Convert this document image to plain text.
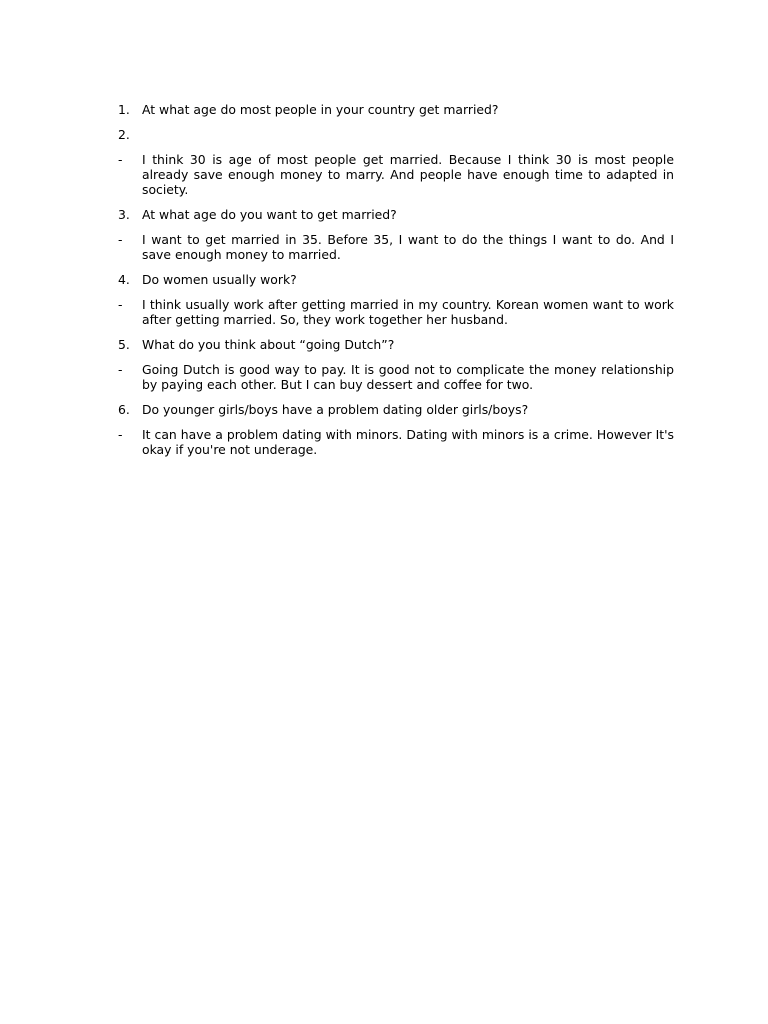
1. At what age do most people in your country get married?
2.
-	I think 30 is age of most people get married. Because I think 30 is most people already save enough money to marry. And people have enough time to adapted in society.
3. At what age do you want to get married?
-	I want to get married in 35. Before 35, I want to do the things I want to do. And I save enough money to married.
4. Do women usually work?
-	I think usually work after getting married in my country. Korean women want to work after getting married. So, they work together her husband.
5. What do you think about “going Dutch”?
-	Going Dutch is good way to pay. It is good not to complicate the money relationship by paying each other. But I can buy dessert and coffee for two.
6. Do younger girls/boys have a problem dating older girls/boys?
-	It can have a problem dating with minors. Dating with minors is a crime. However It's okay if you're not underage.
